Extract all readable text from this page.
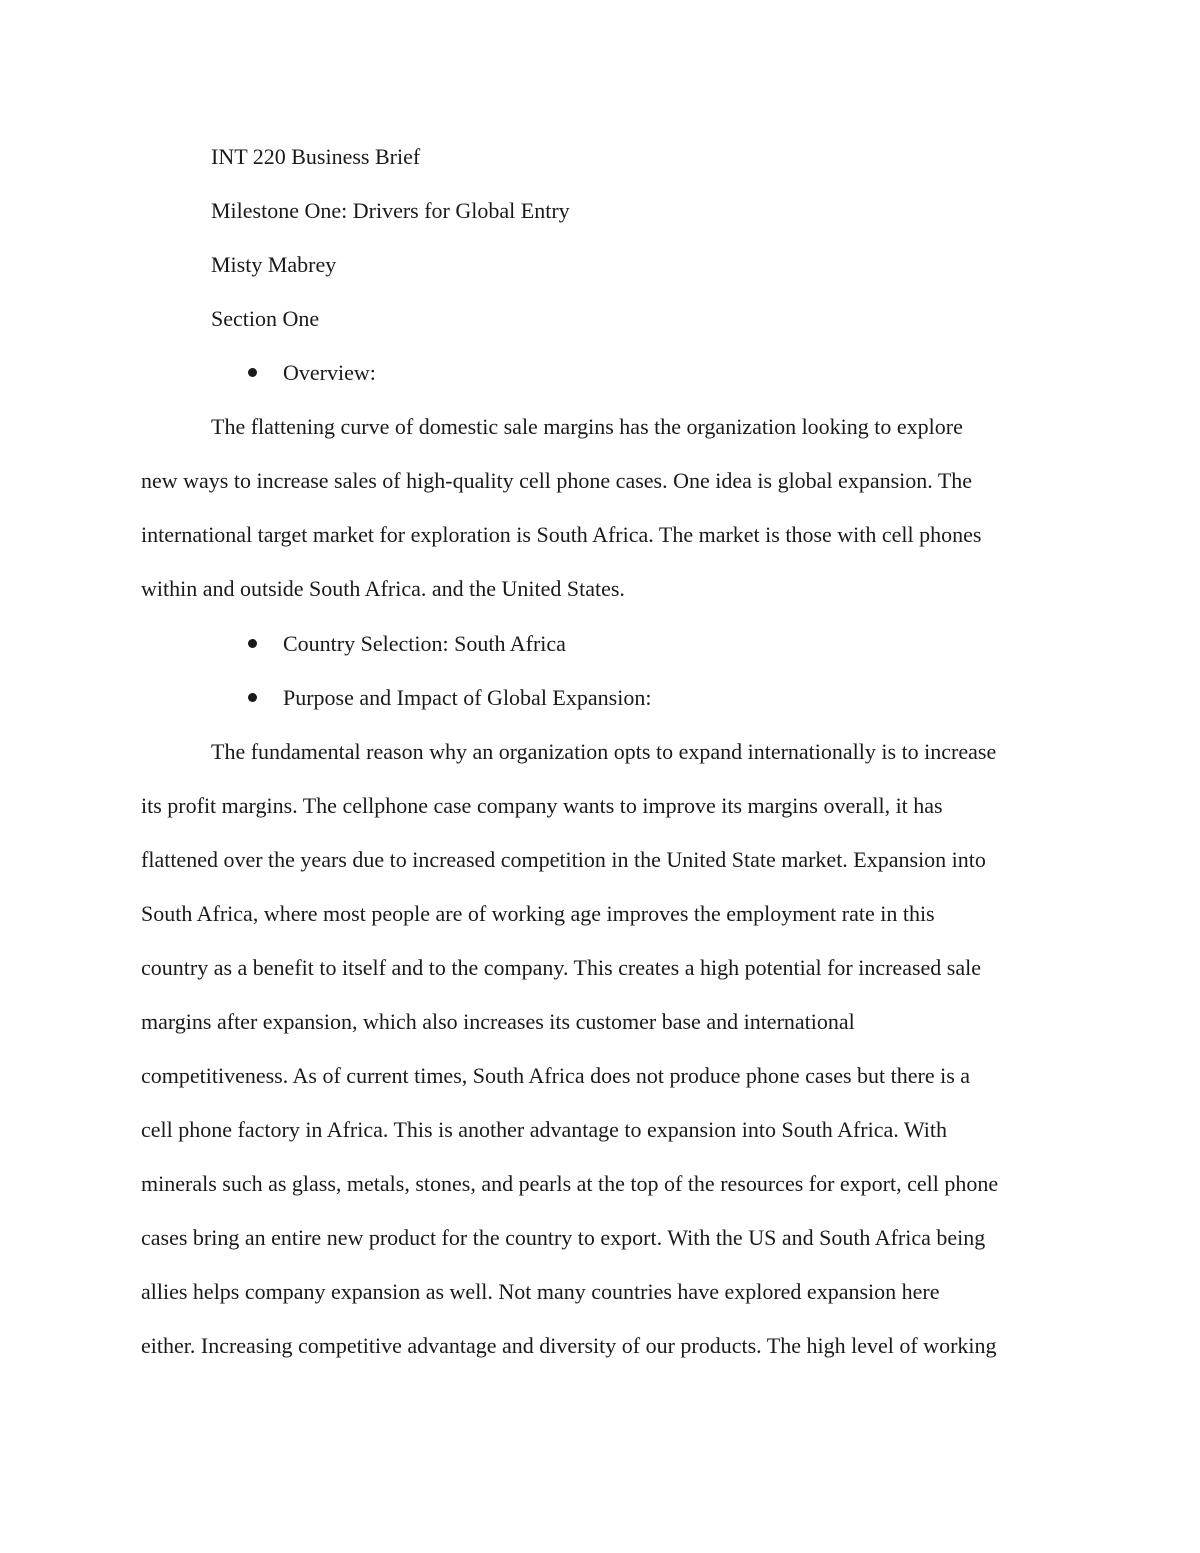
INT 220 Business Brief
Milestone One: Drivers for Global Entry
Misty Mabrey
Section One
Overview:
The flattening curve of domestic sale margins has the organization looking to explore
new ways to increase sales of high-quality cell phone cases. One idea is global expansion. The
international target market for exploration is South Africa. The market is those with cell phones
within and outside South Africa. and the United States.
Country Selection: South Africa
Purpose and Impact of Global Expansion:
The fundamental reason why an organization opts to expand internationally is to increase
its profit margins. The cellphone case company wants to improve its margins overall, it has
flattened over the years due to increased competition in the United State market. Expansion into
South Africa, where most people are of working age improves the employment rate in this
country as a benefit to itself and to the company. This creates a high potential for increased sale
margins after expansion, which also increases its customer base and international
competitiveness. As of current times, South Africa does not produce phone cases but there is a
cell phone factory in Africa. This is another advantage to expansion into South Africa. With
minerals such as glass, metals, stones, and pearls at the top of the resources for export, cell phone
cases bring an entire new product for the country to export. With the US and South Africa being
allies helps company expansion as well. Not many countries have explored expansion here
either. Increasing competitive advantage and diversity of our products. The high level of working
